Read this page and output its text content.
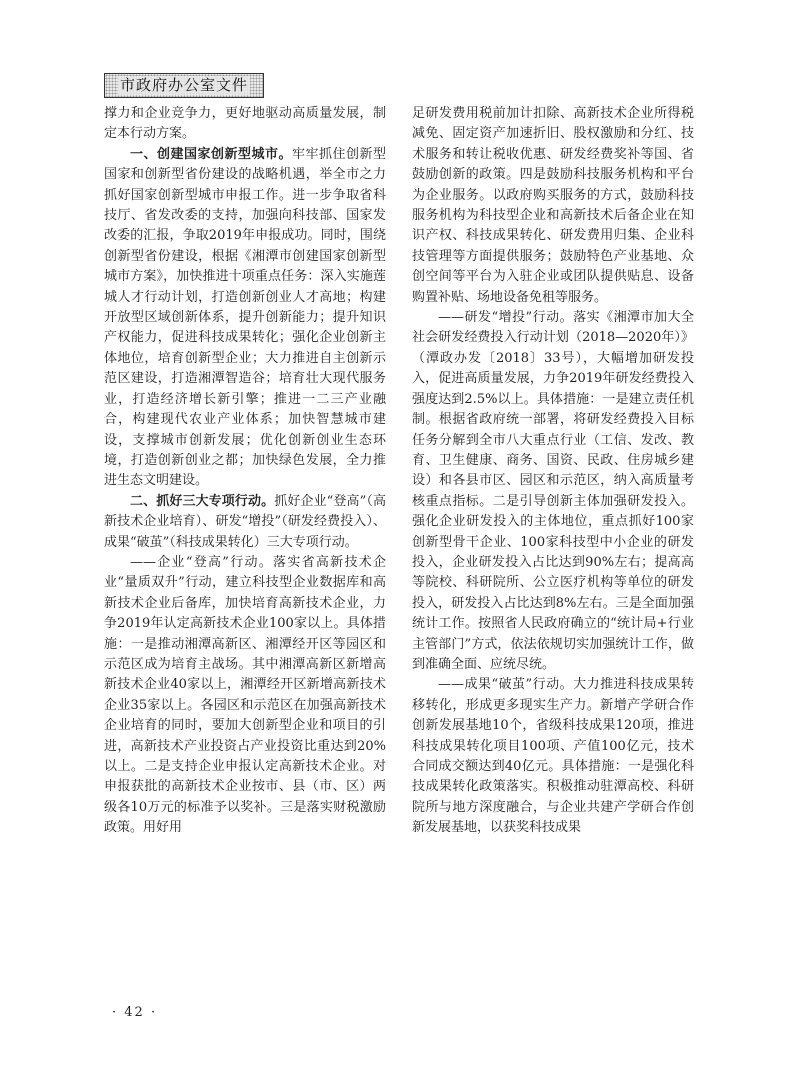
市政府办公室文件

撑力和企业竞争力，更好地驱动高质量发展，制定本行动方案。

一、创建国家创新型城市。牢牢抓住创新型国家和创新型省份建设的战略机遇，举全市之力抓好国家创新型城市申报工作。进一步争取省科技厅、省发改委的支持，加强向科技部、国家发改委的汇报，争取2019年申报成功。同时，围绕创新型省份建设，根据《湘潭市创建国家创新型城市方案》，加快推进十项重点任务：深入实施莲城人才行动计划，打造创新创业人才高地；构建开放型区域创新体系，提升创新能力；提升知识产权能力，促进科技成果转化；强化企业创新主体地位，培育创新型企业；大力推进自主创新示范区建设，打造湘潭智造谷；培育壮大现代服务业，打造经济增长新引擎；推进一二三产业融合，构建现代农业产业体系；加快智慧城市建设，支撑城市创新发展；优化创新创业生态环境，打造创新创业之都；加快绿色发展，全力推进生态文明建设。

二、抓好三大专项行动。抓好企业“登高”（高新技术企业培育）、研发“增投”（研发经费投入）、成果“破茧”（科技成果转化）三大专项行动。

——企业“登高”行动。落实省高新技术企业“量质双升”行动，建立科技型企业数据库和高新技术企业后备库，加快培育高新技术企业，力争2019年认定高新技术企业100家以上。具体措施：一是推动湘潭高新区、湘潭经开区等园区和示范区成为培育主战场。其中湘潭高新区新增高新技术企业40家以上，湘潭经开区新增高新技术企业35家以上。各园区和示范区在加强高新技术企业培育的同时，要加大创新型企业和项目的引进，高新技术产业投资占产业投资比重达到20%以上。二是支持企业申报认定高新技术企业。对申报获批的高新技术企业按市、县（市、区）两级各10万元的标准予以奖补。三是落实财税激励政策。用好用

足研发费用税前加计扣除、高新技术企业所得税减免、固定资产加速折旧、股权激励和分红、技术服务和转让税收优惠、研发经费奖补等国、省鼓励创新的政策。四是鼓励科技服务机构和平台为企业服务。以政府购买服务的方式，鼓励科技服务机构为科技型企业和高新技术后备企业在知识产权、科技成果转化、研发费用归集、企业科技管理等方面提供服务；鼓励特色产业基地、众创空间等平台为入驻企业或团队提供贴息、设备购置补贴、场地设备免租等服务。

——研发“增投”行动。落实《湘潭市加大全社会研发经费投入行动计划（2018—2020年）》（潭政办发〔2018〕33号），大幅增加研发投入，促进高质量发展，力争2019年研发经费投入强度达到2.5%以上。具体措施：一是建立责任机制。根据省政府统一部署，将研发经费投入目标任务分解到全市八大重点行业（工信、发改、教育、卫生健康、商务、国资、民政、住房城乡建设）和各县市区、园区和示范区，纳入高质量考核重点指标。二是引导创新主体加强研发投入。强化企业研发投入的主体地位，重点抓好100家创新型骨干企业、100家科技型中小企业的研发投入，企业研发投入占比达到90%左右；提高高等院校、科研院所、公立医疗机构等单位的研发投入，研发投入占比达到8%左右。三是全面加强统计工作。按照省人民政府确立的“统计局+行业主管部门”方式，依法依规切实加强统计工作，做到准确全面、应统尽统。

——成果“破茧”行动。大力推进科技成果转移转化，形成更多现实生产力。新增产学研合作创新发展基地10个，省级科技成果120项，推进科技成果转化项目100项、产值100亿元，技术合同成交额达到40亿元。具体措施：一是强化科技成果转化政策落实。积极推动驻潭高校、科研院所与地方深度融合，与企业共建产学研合作创新发展基地，以获奖科技成果

· 42 ·
